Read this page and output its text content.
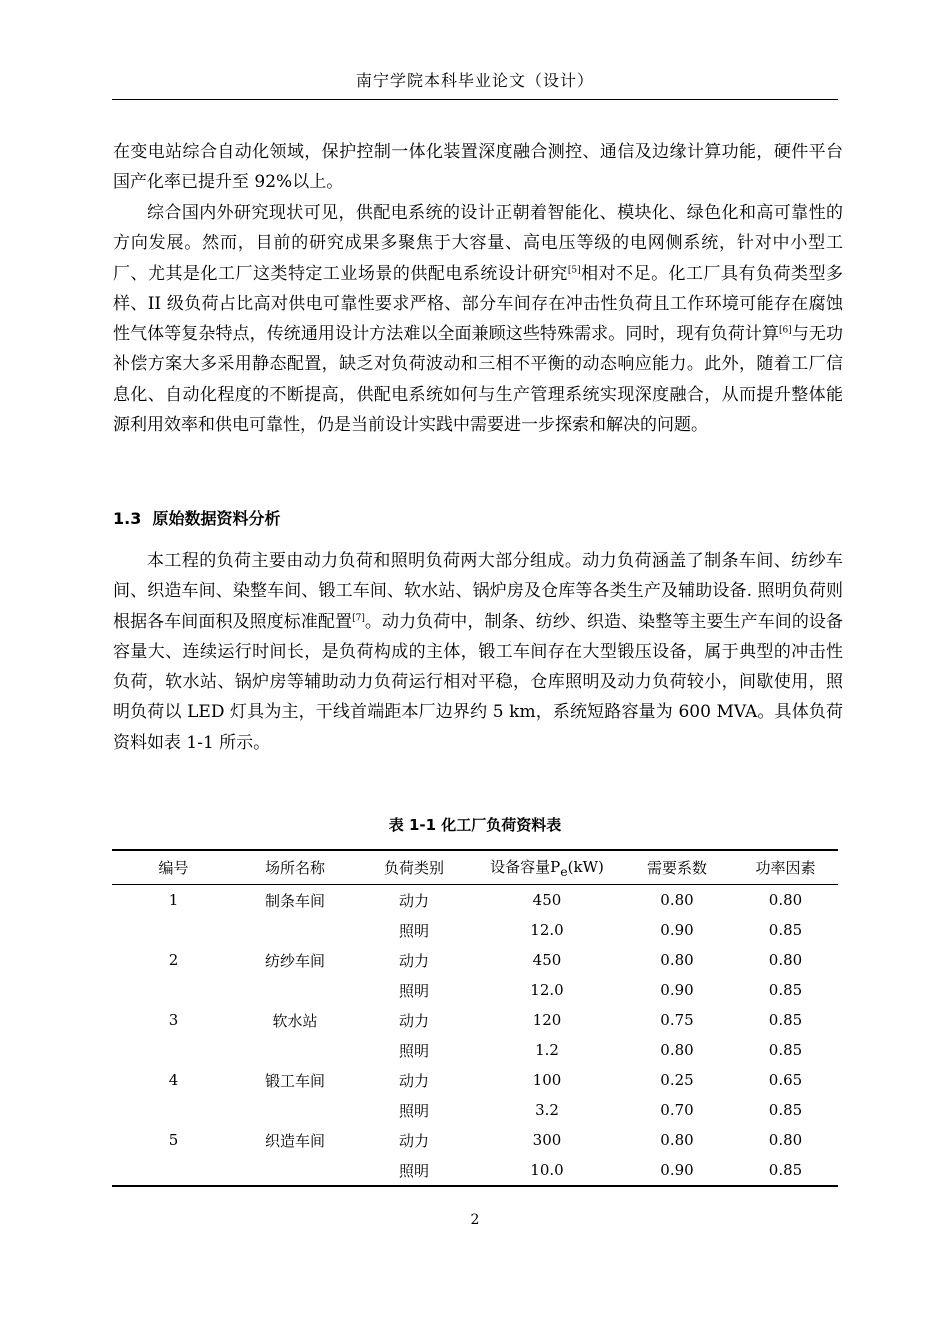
南宁学院本科毕业论文（设计）

在变电站综合自动化领域，保护控制一体化装置深度融合测控、通信及边缘计算功能，硬件平台国产化率已提升至 92%以上。

综合国内外研究现状可见，供配电系统的设计正朝着智能化、模块化、绿色化和高可靠性的方向发展。然而，目前的研究成果多聚焦于大容量、高电压等级的电网侧系统，针对中小型工厂、尤其是化工厂这类特定工业场景的供配电系统设计研究[5]相对不足。化工厂具有负荷类型多样、II 级负荷占比高对供电可靠性要求严格、部分车间存在冲击性负荷且工作环境可能存在腐蚀性气体等复杂特点，传统通用设计方法难以全面兼顾这些特殊需求。同时，现有负荷计算[6]与无功补偿方案大多采用静态配置，缺乏对负荷波动和三相不平衡的动态响应能力。此外，随着工厂信息化、自动化程度的不断提高，供配电系统如何与生产管理系统实现深度融合，从而提升整体能源利用效率和供电可靠性，仍是当前设计实践中需要进一步探索和解决的问题。

1.3 原始数据资料分析

本工程的负荷主要由动力负荷和照明负荷两大部分组成。动力负荷涵盖了制条车间、纺纱车间、织造车间、染整车间、锻工车间、软水站、锅炉房及仓库等各类生产及辅助设备. 照明负荷则根据各车间面积及照度标准配置[7]。动力负荷中，制条、纺纱、织造、染整等主要生产车间的设备容量大、连续运行时间长，是负荷构成的主体，锻工车间存在大型锻压设备，属于典型的冲击性负荷，软水站、锅炉房等辅助动力负荷运行相对平稳，仓库照明及动力负荷较小，间歇使用，照明负荷以 LED 灯具为主，干线首端距本厂边界约 5 km，系统短路容量为 600 MVA。具体负荷资料如表 1-1 所示。

表 1-1 化工厂负荷资料表
编号	场所名称	负荷类别	设备容量$P_e(kW)$	需要系数	功率因素
1	制条车间	动力	450	0.80	0.80
		照明	12.0	0.90	0.85
2	纺纱车间	动力	450	0.80	0.80
		照明	12.0	0.90	0.85
3	软水站	动力	120	0.75	0.85
		照明	1.2	0.80	0.85
4	锻工车间	动力	100	0.25	0.65
		照明	3.2	0.70	0.85
5	织造车间	动力	300	0.80	0.80
		照明	10.0	0.90	0.85
2
